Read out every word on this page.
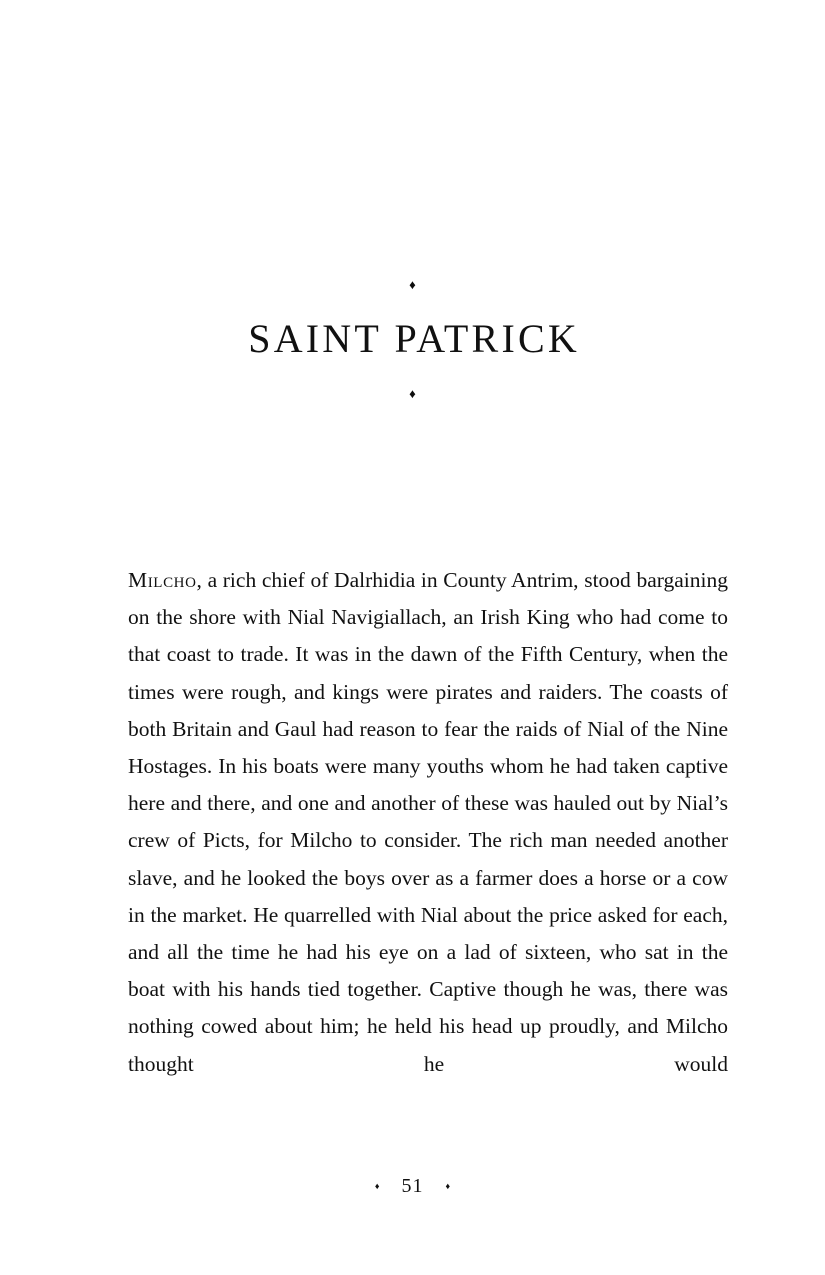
♦
SAINT PATRICK
♦

Milcho, a rich chief of Dalrhidia in County Antrim, stood bargaining on the shore with Nial Navigiallach, an Irish King who had come to that coast to trade. It was in the dawn of the Fifth Century, when the times were rough, and kings were pirates and raiders. The coasts of both Britain and Gaul had reason to fear the raids of Nial of the Nine Hostages. In his boats were many youths whom he had taken captive here and there, and one and another of these was hauled out by Nial’s crew of Picts, for Milcho to consider. The rich man needed another slave, and he looked the boys over as a farmer does a horse or a cow in the market. He quarrelled with Nial about the price asked for each, and all the time he had his eye on a lad of sixteen, who sat in the boat with his hands tied together. Captive though he was, there was nothing cowed about him; he held his head up proudly, and Milcho thought he would

♦ 51 ♦
